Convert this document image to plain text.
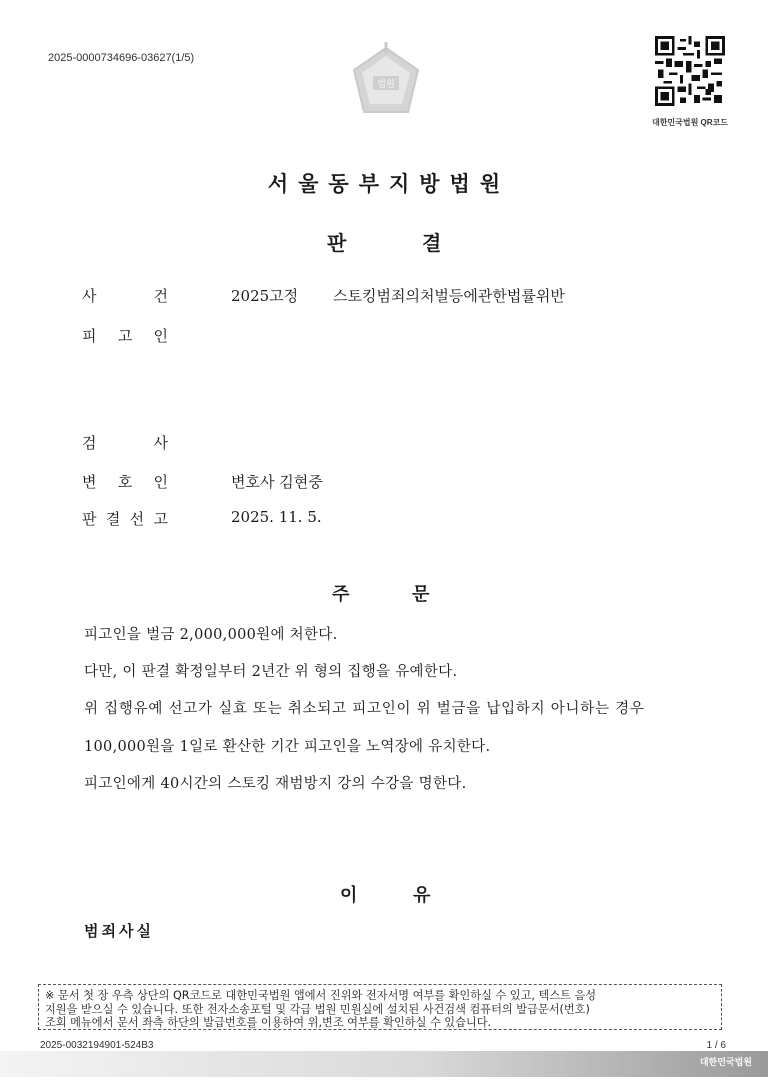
2025-0000734696-03627(1/5)
법원
대한민국법원 QR코드
서울동부지방법원
판	결
사	건	2025고정 스토킹범죄의처벌등에관한법률위반
피 고 인
검	사
변 호 인	변호사 김현중
판 결 선 고	2025. 11. 5.
주	문
피고인을 벌금 2,000,000원에 처한다.
다만, 이 판결 확정일부터 2년간 위 형의 집행을 유예한다.
위 집행유예 선고가 실효 또는 취소되고 피고인이 위 벌금을 납입하지 아니하는 경우
100,000원을 1일로 환산한 기간 피고인을 노역장에 유치한다.
피고인에게 40시간의 스토킹 재범방지 강의 수강을 명한다.
이	유
범죄사실
※ 문서 첫 장 우측 상단의 QR코드로 대한민국법원 앱에서 진위와 전자서명 여부를 확인하실 수 있고, 텍스트 음성
지원을 받으실 수 있습니다. 또한 전자소송포털 및 각급 법원 민원실에 설치된 사건검색 컴퓨터의 발급문서(번호)
조회 메뉴에서 문서 좌측 하단의 발급번호를 이용하여 위,변조 여부를 확인하실 수 있습니다.
2025-0032194901-524B3	1 / 6
대한민국법원
